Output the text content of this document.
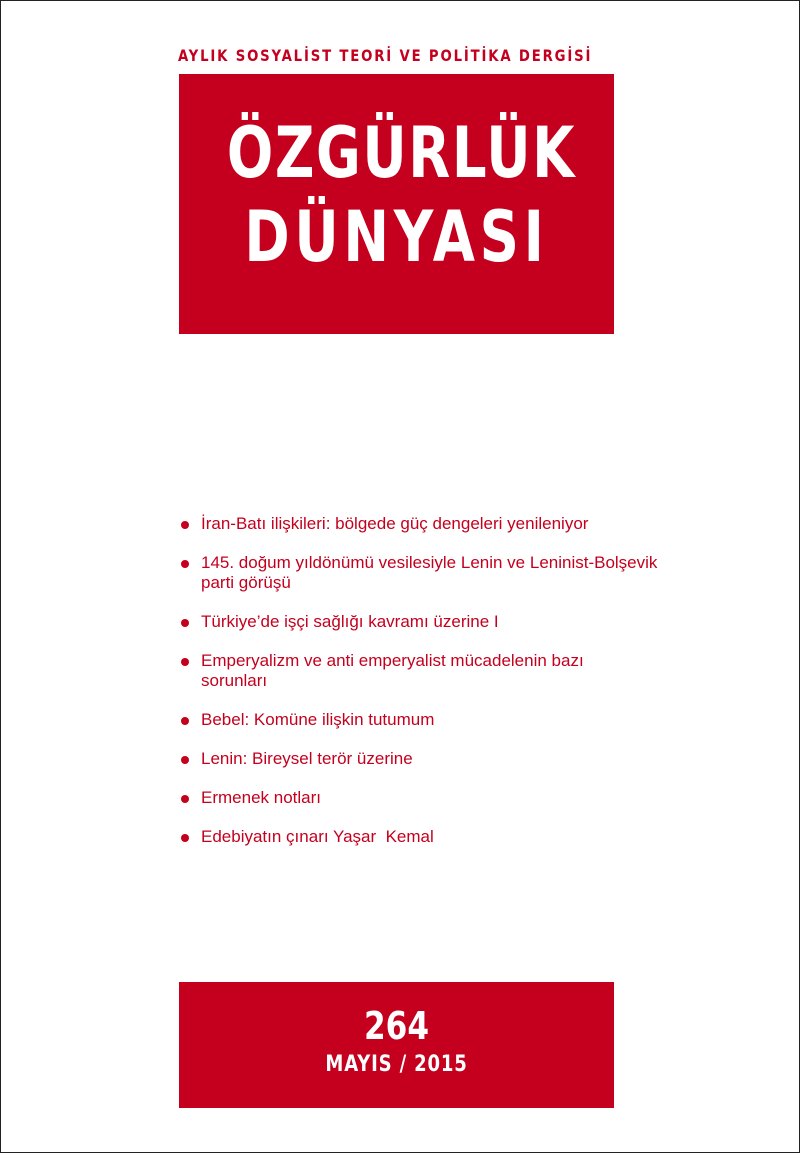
AYLIK SOSYALİST TEORİ VE POLİTİKA DERGİSİ
ÖZGÜRLÜK
DÜNYASI
İran-Batı ilişkileri: bölgede güç dengeleri yenileniyor
145. doğum yıldönümü vesilesiyle Lenin ve Leninist-Bolşevik parti görüşü
Türkiye’de işçi sağlığı kavramı üzerine I
Emperyalizm ve anti emperyalist mücadelenin bazı sorunları
Bebel: Komüne ilişkin tutumum
Lenin: Bireysel terör üzerine
Ermenek notları
Edebiyatın çınarı Yaşar  Kemal
264
MAYIS / 2015
